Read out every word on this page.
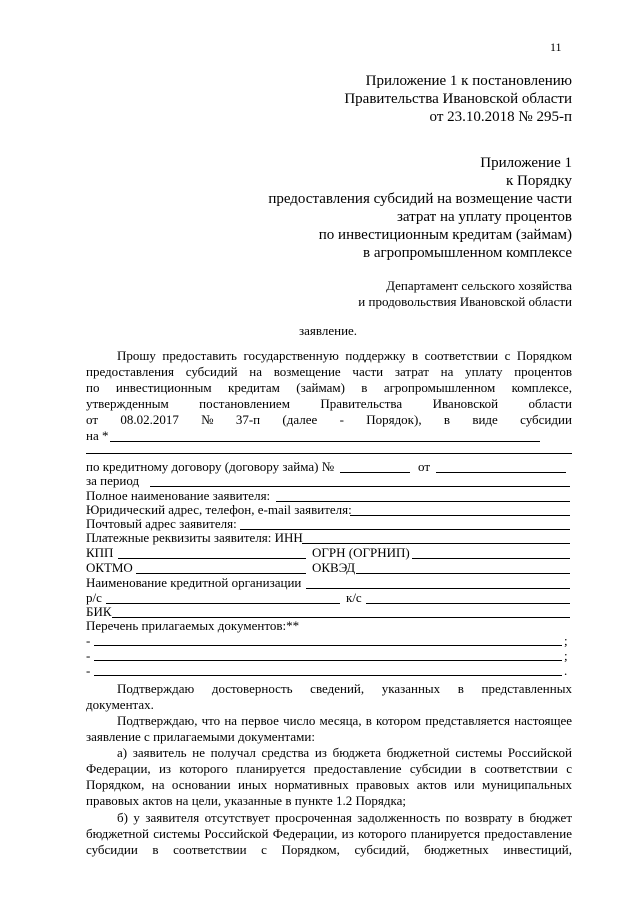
11
Приложение 1 к постановлению
Правительства Ивановской области
от 23.10.2018 № 295-п
Приложение 1
к Порядку
предоставления субсидий на возмещение части
затрат на уплату процентов
по инвестиционным кредитам (займам)
в агропромышленном комплексе
Департамент сельского хозяйства
и продовольствия Ивановской области
заявление.
Прошу предоставить государственную поддержку в соответствии с Порядком
предоставления субсидий на возмещение части затрат на уплату процентов
по инвестиционным кредитам (займам) в агропромышленном комплексе,
утвержденным постановлением Правительства Ивановской области
от 08.02.2017 № 37-п (далее - Порядок), в виде субсидии
на *
по кредитному договору (договору займа) №	от
за период
Полное наименование заявителя:
Юридический адрес, телефон, e-mail заявителя:
Почтовый адрес заявителя:
Платежные реквизиты заявителя: ИНН
КПП	ОГРН (ОГРНИП)
ОКТМО	ОКВЭД
Наименование кредитной организации
р/с	к/с
БИК
Перечень прилагаемых документов:**
-	;
-	;
-	.
Подтверждаю достоверность сведений, указанных в представленных
документах.
Подтверждаю, что на первое число месяца, в котором представляется настоящее
заявление с прилагаемыми документами:
а) заявитель не получал средства из бюджета бюджетной системы Российской
Федерации, из которого планируется предоставление субсидии в соответствии с
Порядком, на основании иных нормативных правовых актов или муниципальных
правовых актов на цели, указанные в пункте 1.2 Порядка;
б) у заявителя отсутствует просроченная задолженность по возврату в бюджет
бюджетной системы Российской Федерации, из которого планируется предоставление
субсидии в соответствии с Порядком, субсидий, бюджетных инвестиций,
